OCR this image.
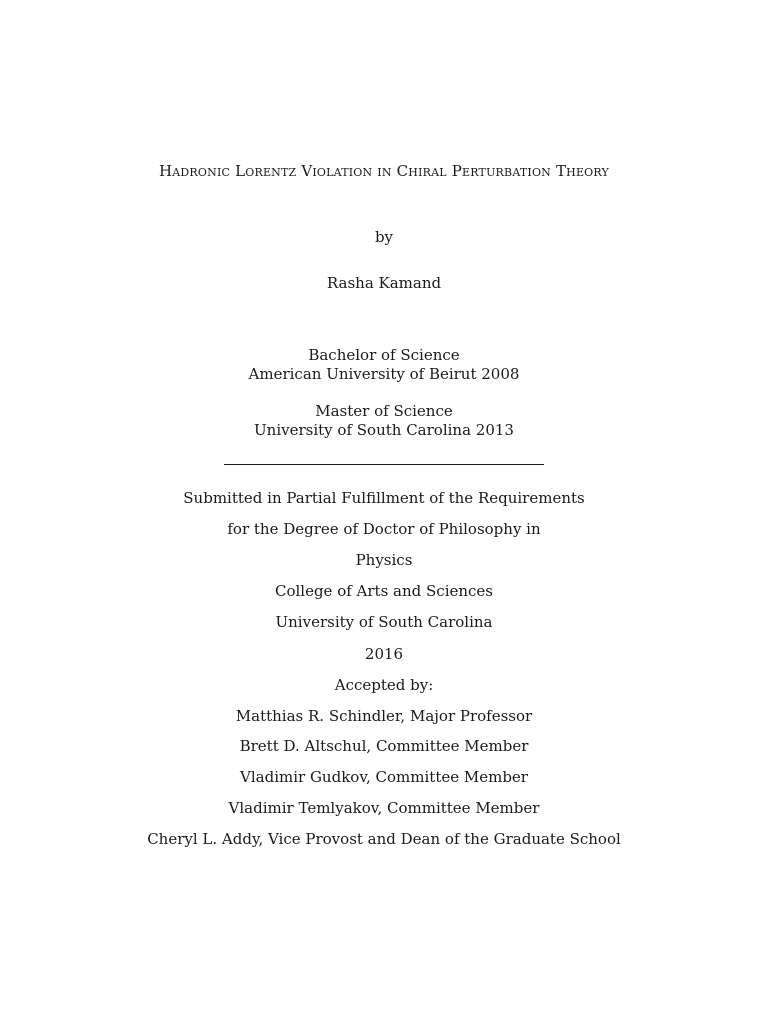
Hadronic Lorentz Violation in Chiral Perturbation Theory
by
Rasha Kamand
Bachelor of Science
American University of Beirut 2008
Master of Science
University of South Carolina 2013
Submitted in Partial Fulfillment of the Requirements
for the Degree of Doctor of Philosophy in
Physics
College of Arts and Sciences
University of South Carolina
2016
Accepted by:
Matthias R. Schindler, Major Professor
Brett D. Altschul, Committee Member
Vladimir Gudkov, Committee Member
Vladimir Temlyakov, Committee Member
Cheryl L. Addy, Vice Provost and Dean of the Graduate School
